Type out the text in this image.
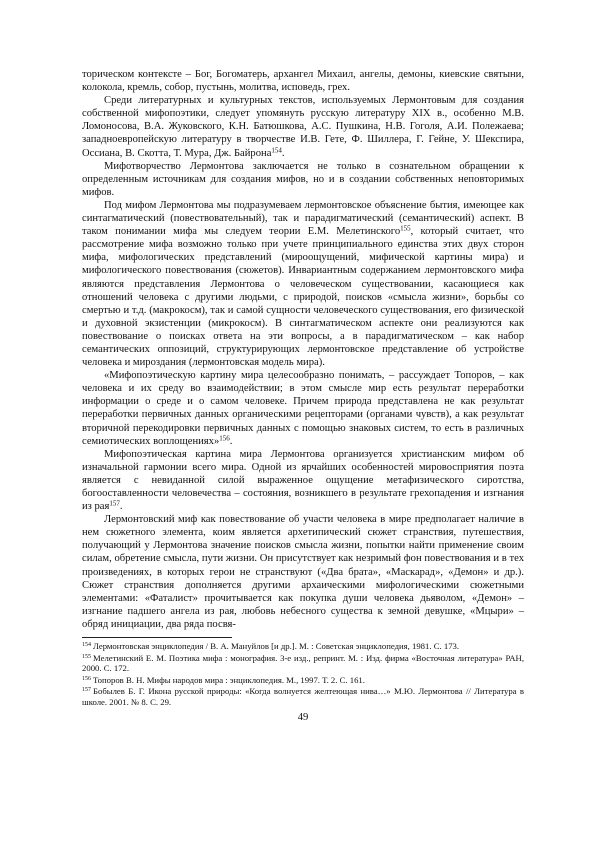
торическом контексте – Бог, Богоматерь, архангел Михаил, ангелы, демоны, киевские святыни, колокола, кремль, собор, пустынь, молитва, исповедь, грех.

Среди литературных и культурных текстов, используемых Лермонтовым для создания собственной мифопоэтики, следует упомянуть русскую литературу XIX в., особенно М.В. Ломоносова, В.А. Жуковского, К.Н. Батюшкова, А.С. Пушкина, Н.В. Гоголя, А.И. Полежаева; западноевропейскую литературу в творчестве И.В. Гете, Ф. Шиллера, Г. Гейне, У. Шекспира, Оссиана, В. Скотта, Т. Мура, Дж. Байрона$^{154}$.

Мифотворчество Лермонтова заключается не только в сознательном обращении к определенным источникам для создания мифов, но и в создании собственных неповторимых мифов.

Под мифом Лермонтова мы подразумеваем лермонтовское объяснение бытия, имеющее как синтагматический (повествовательный), так и парадигматический (семантический) аспект. В таком понимании мифа мы следуем теории Е.М. Мелетинского$^{155}$, который считает, что рассмотрение мифа возможно только при учете принципиального единства этих двух сторон мифа, мифологических представлений (мироощущений, мифической картины мира) и мифологического повествования (сюжетов). Инвариантным содержанием лермонтовского мифа являются представления Лермонтова о человеческом существовании, касающиеся как отношений человека с другими людьми, с природой, поисков «смысла жизни», борьбы со смертью и т.д. (макрокосм), так и самой сущности человеческого существования, его физической и духовной экзистенции (микрокосм). В синтагматическом аспекте они реализуются как повествование о поисках ответа на эти вопросы, а в парадигматическом – как набор семантических оппозиций, структурирующих лермонтовское представление об устройстве человека и мироздания (лермонтовская модель мира).

«Мифопоэтическую картину мира целесообразно понимать, – рассуждает Топоров, – как человека и их среду во взаимодействии; в этом смысле мир есть результат переработки информации о среде и о самом человеке. Причем природа представлена не как результат переработки первичных данных органическими рецепторами (органами чувств), а как результат вторичной перекодировки первичных данных с помощью знаковых систем, то есть в различных семиотических воплощениях»$^{156}$.

Мифопоэтическая картина мира Лермонтова организуется христианским мифом об изначальной гармонии всего мира. Одной из ярчайших особенностей мировосприятия поэта является с невиданной силой выраженное ощущение метафизического сиротства, богооставленности человечества – состояния, возникшего в результате грехопадения и изгнания из рая$^{157}$.

Лермонтовский миф как повествование об участи человека в мире предполагает наличие в нем сюжетного элемента, коим является архетипический сюжет странствия, путешествия, получающий у Лермонтова значение поисков смысла жизни, попытки найти применение своим силам, обретение смысла, пути жизни. Он присутствует как незримый фон повествования и в тех произведениях, в которых герои не странствуют («Два брата», «Маскарад», «Демон» и др.). Сюжет странствия дополняется другими архаическими мифологическими сюжетными элементами: «Фаталист» прочитывается как покупка души человека дьяволом, «Демон» – изгнание падшего ангела из рая, любовь небесного существа к земной девушке, «Мцыри» – обряд инициации, два ряда посвя-

$^{154}$ Лермонтовская энциклопедия / В. А. Мануйлов [и др.]. М. : Советская энциклопедия, 1981. С. 173.

$^{155}$ Мелетинский Е. М. Поэтика мифа : монография. 3-е изд., репринт. М. : Изд. фирма «Восточная литература» РАН, 2000. С. 172.

$^{156}$ Топоров В. Н. Мифы народов мира : энциклопедия. М., 1997. Т. 2. С. 161.

$^{157}$ Бобылев Б. Г. Икона русской природы: «Когда волнуется желтеющая нива…» М.Ю. Лермонтова // Литература в школе. 2001. № 8. С. 29.

49
